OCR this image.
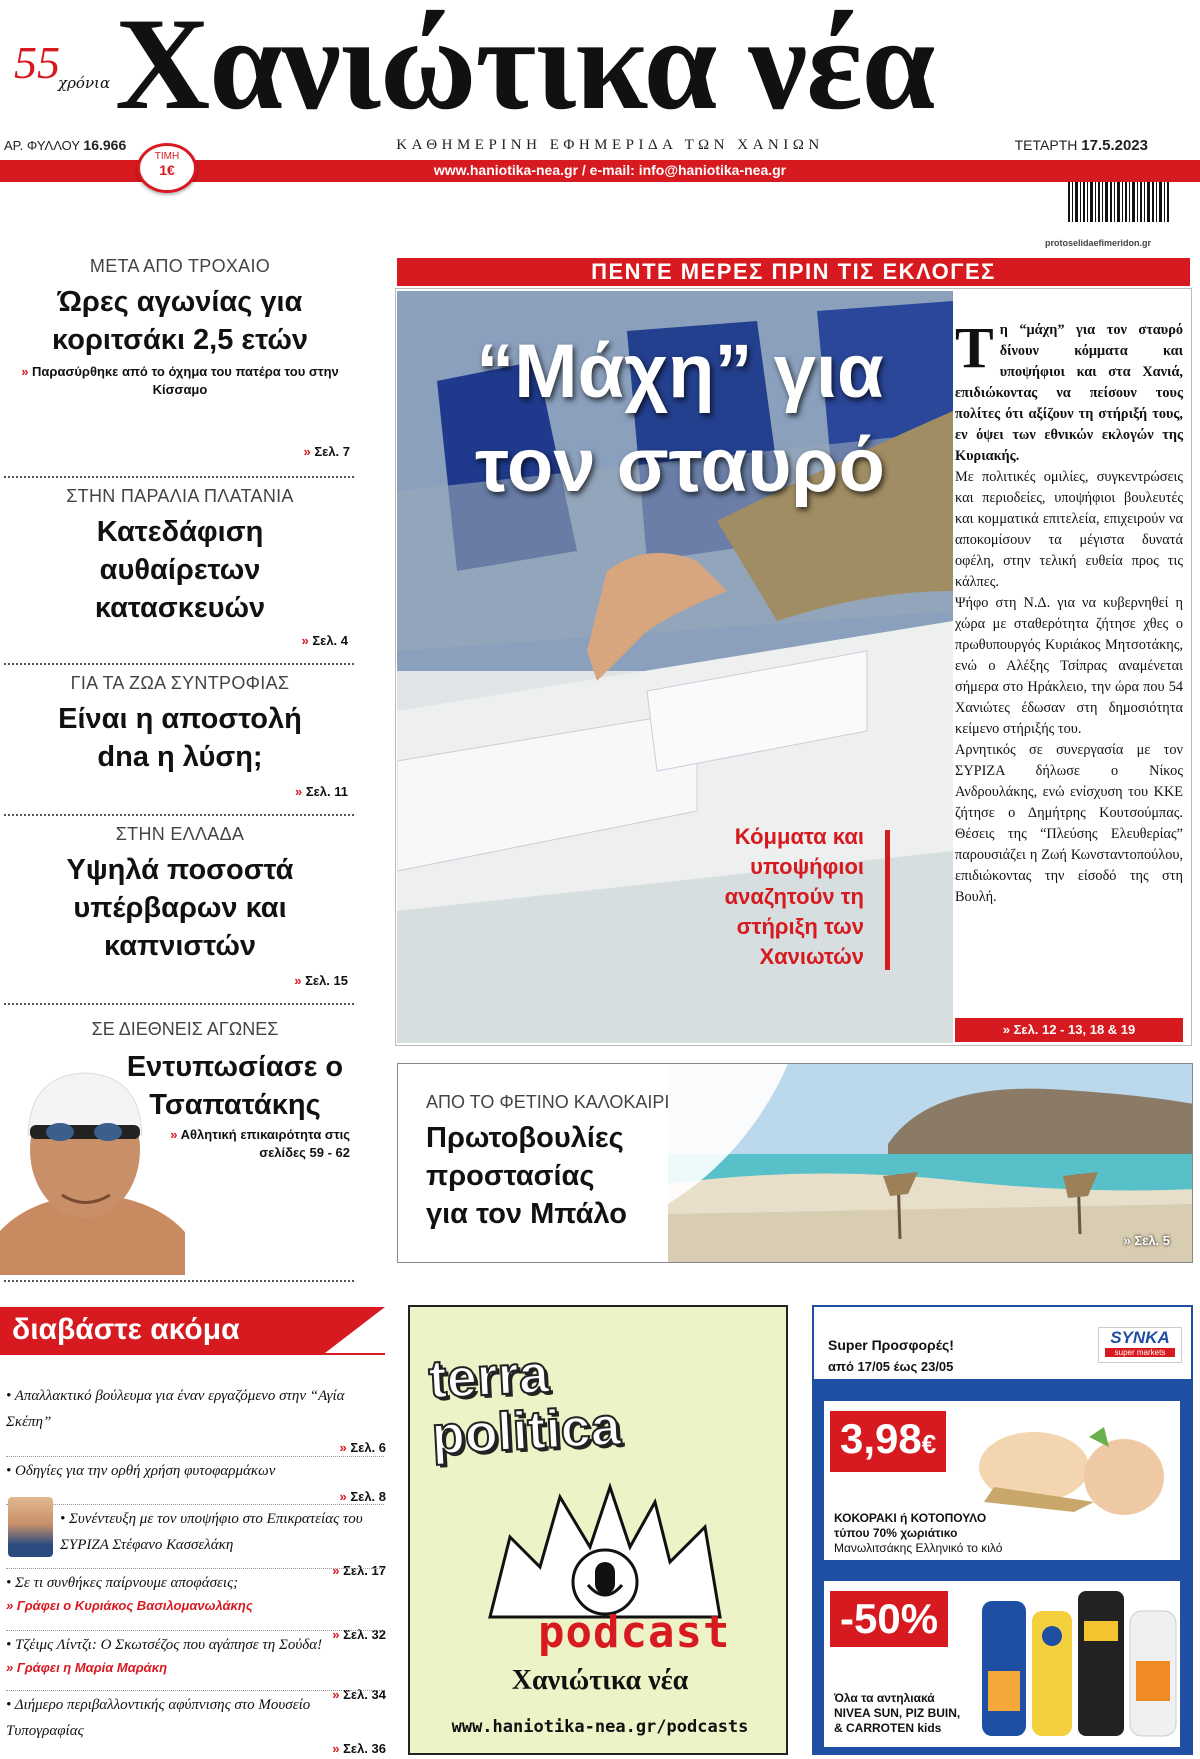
55
χρόνια Χανιώτικα νέα
ΑΡ. ΦΥΛΛΟΥ 16.966	ΚΑΘΗΜΕΡΙΝΗ ΕΦΗΜΕΡΙΔΑ ΤΩΝ ΧΑΝΙΩΝ	ΤΕΤΑΡΤΗ 17.5.2023
www.haniotika-nea.gr / e-mail: info@haniotika-nea.gr
ΤΙΜΗ
1€
protoselidaefimeridon.gr
ΜΕΤΑ ΑΠΟ ΤΡΟΧΑΙΟ
Ώρες αγωνίας για κοριτσάκι 2,5 ετών
» Παρασύρθηκε από το όχημα του πατέρα του στην Κίσσαμο
» Σελ. 7
ΣΤΗΝ ΠΑΡΑΛΙΑ ΠΛΑΤΑΝΙΑ
Κατεδάφιση αυθαίρετων κατασκευών
» Σελ. 4
ΓΙΑ ΤΑ ΖΩΑ ΣΥΝΤΡΟΦΙΑΣ
Είναι η αποστολή dna η λύση;
» Σελ. 11
ΣΤΗΝ ΕΛΛΑΔΑ
Υψηλά ποσοστά υπέρβαρων και καπνιστών
» Σελ. 15
ΣΕ ΔΙΕΘΝΕΙΣ ΑΓΩΝΕΣ
Εντυπωσίασε ο Τσαπατάκης
» Αθλητική επικαιρότητα στις σελίδες 59 - 62
ΠΕΝΤΕ ΜΕΡΕΣ ΠΡΙΝ ΤΙΣ ΕΚΛΟΓΕΣ
“Μάχη” για τον σταυρό
Κόμματα και υποψήφιοι αναζητούν τη στήριξη των Χανιωτών
Τ η “μάχη” για τον σταυρό δίνουν κόμματα και υποψήφιοι και στα Χανιά, επιδιώκοντας να πείσουν τους πολίτες ότι αξίζουν τη στήριξή τους, εν όψει των εθνικών εκλογών της Κυριακής.

Με πολιτικές ομιλίες, συγκεντρώσεις και περιοδείες, υποψήφιοι βουλευτές και κομματικά επιτελεία, επιχειρούν να αποκομίσουν τα μέγιστα δυνατά οφέλη, στην τελική ευθεία προς τις κάλπες.

Ψήφο στη Ν.Δ. για να κυβερνηθεί η χώρα με σταθερότητα ζήτησε χθες ο πρωθυπουργός Κυριάκος Μητσοτάκης, ενώ ο Αλέξης Τσίπρας αναμένεται σήμερα στο Ηράκλειο, την ώρα που 54 Χανιώτες έδωσαν στη δημοσιότητα κείμενο στήριξής του.

Αρνητικός σε συνεργασία με τον ΣΥΡΙΖΑ δήλωσε ο Νίκος Ανδρουλάκης, ενώ ενίσχυση του ΚΚΕ ζήτησε ο Δημήτρης Κουτσούμπας. Θέσεις της “Πλεύσης Ελευθερίας” παρουσιάζει η Ζωή Κωνσταντοπούλου, επιδιώκοντας την είσοδό της στη Βουλή.

» Σελ. 12 - 13, 18 & 19
ΑΠΟ ΤΟ ΦΕΤΙΝΟ ΚΑΛΟΚΑΙΡΙ
Πρωτοβουλίες
προστασίας
για τον Μπάλο
» Σελ. 5
διαβάστε ακόμα
• Απαλλακτικό βούλευμα για έναν εργαζόμενο στην “Αγία Σκέπη”
» Σελ. 6
• Οδηγίες για την ορθή χρήση φυτοφαρμάκων
» Σελ. 8
• Συνέντευξη με τον υποψήφιο στο Επικρατείας του ΣΥΡΙΖΑ Στέφανο Κασσελάκη
» Σελ. 17
• Σε τι συνθήκες παίρνουμε αποφάσεις;
» Γράφει ο Κυριάκος Βασιλομανωλάκης
» Σελ. 32
• Τζέιμς Λίντζι: Ο Σκωτσέζος που αγάπησε τη Σούδα!
» Γράφει η Μαρία Μαράκη
» Σελ. 34
• Διήμερο περιβαλλοντικής αφύπνισης στο Μουσείο Τυπογραφίας
» Σελ. 36
terra
politica
podcast
Χανιώτικα νέα
www.haniotika-nea.gr/podcasts
Super Προσφορές!
από 17/05 έως 23/05
SYNKA
super markets
3,98€
ΚΟΚΟΡΑΚΙ ή ΚΟΤΟΠΟΥΛΟ
τύπου 70% χωριάτικο
Μανωλιτσάκης Ελληνικό το κιλό
-50%
Όλα τα αντηλιακά
NIVEA SUN, PIZ BUIN,
& CARROTEN kids
